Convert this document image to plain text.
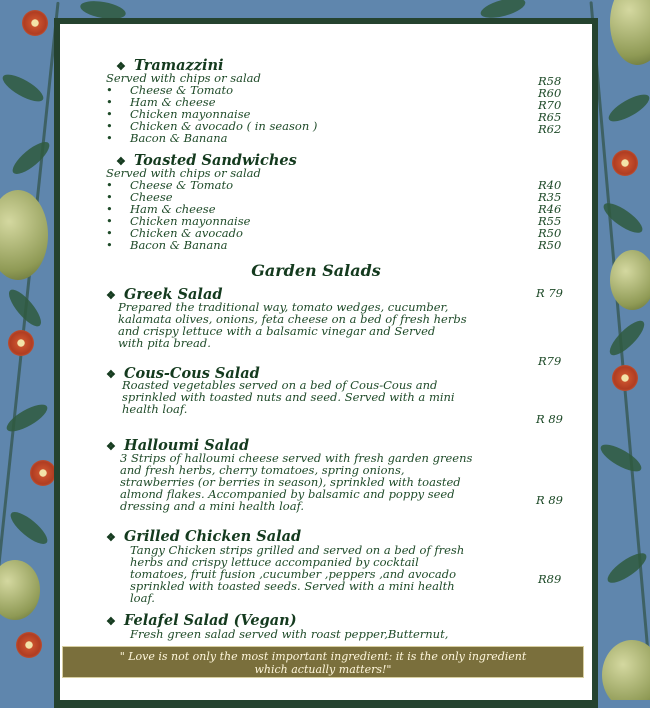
❖ Tramazzini
Served with chips or salad
• Cheese & Tomato
• Ham & cheese
• Chicken mayonnaise
• Chicken & avocado ( in season )
• Bacon & Banana
R58
R60
R70
R65
R62
❖ Toasted Sandwiches
Served with chips or salad
• Cheese & Tomato
• Cheese
• Ham & cheese
• Chicken mayonnaise
• Chicken & avocado
• Bacon & Banana
R40
R35
R46
R55
R50
R50
Garden Salads
❖ Greek Salad	R 79
Prepared the traditional way, tomato wedges, cucumber,
kalamata olives, onions, feta cheese on a bed of fresh herbs
and crispy lettuce with a balsamic vinegar and Served
with pita bread.
R79
❖ Cous-Cous Salad
Roasted vegetables served on a bed of Cous-Cous and
sprinkled with toasted nuts and seed. Served with a mini
health loaf.
R 89
❖ Halloumi Salad
3 Strips of halloumi cheese served with fresh garden greens
and fresh herbs, cherry tomatoes, spring onions,
strawberries (or berries in season), sprinkled with toasted
almond flakes. Accompanied by balsamic and poppy seed
dressing and a mini health loaf.	R 89
❖ Grilled Chicken Salad
Tangy Chicken strips grilled and served on a bed of fresh
herbs and crispy lettuce accompanied by cocktail
tomatoes, fruit fusion ,cucumber ,peppers ,and avocado
sprinkled with toasted seeds. Served with a mini health
loaf.
R89
❖ Felafel Salad (Vegan)
Fresh green salad served with roast pepper,Butternut,
" Love is not only the most important ingredient: it is the only ingredient
which actually matters!"
